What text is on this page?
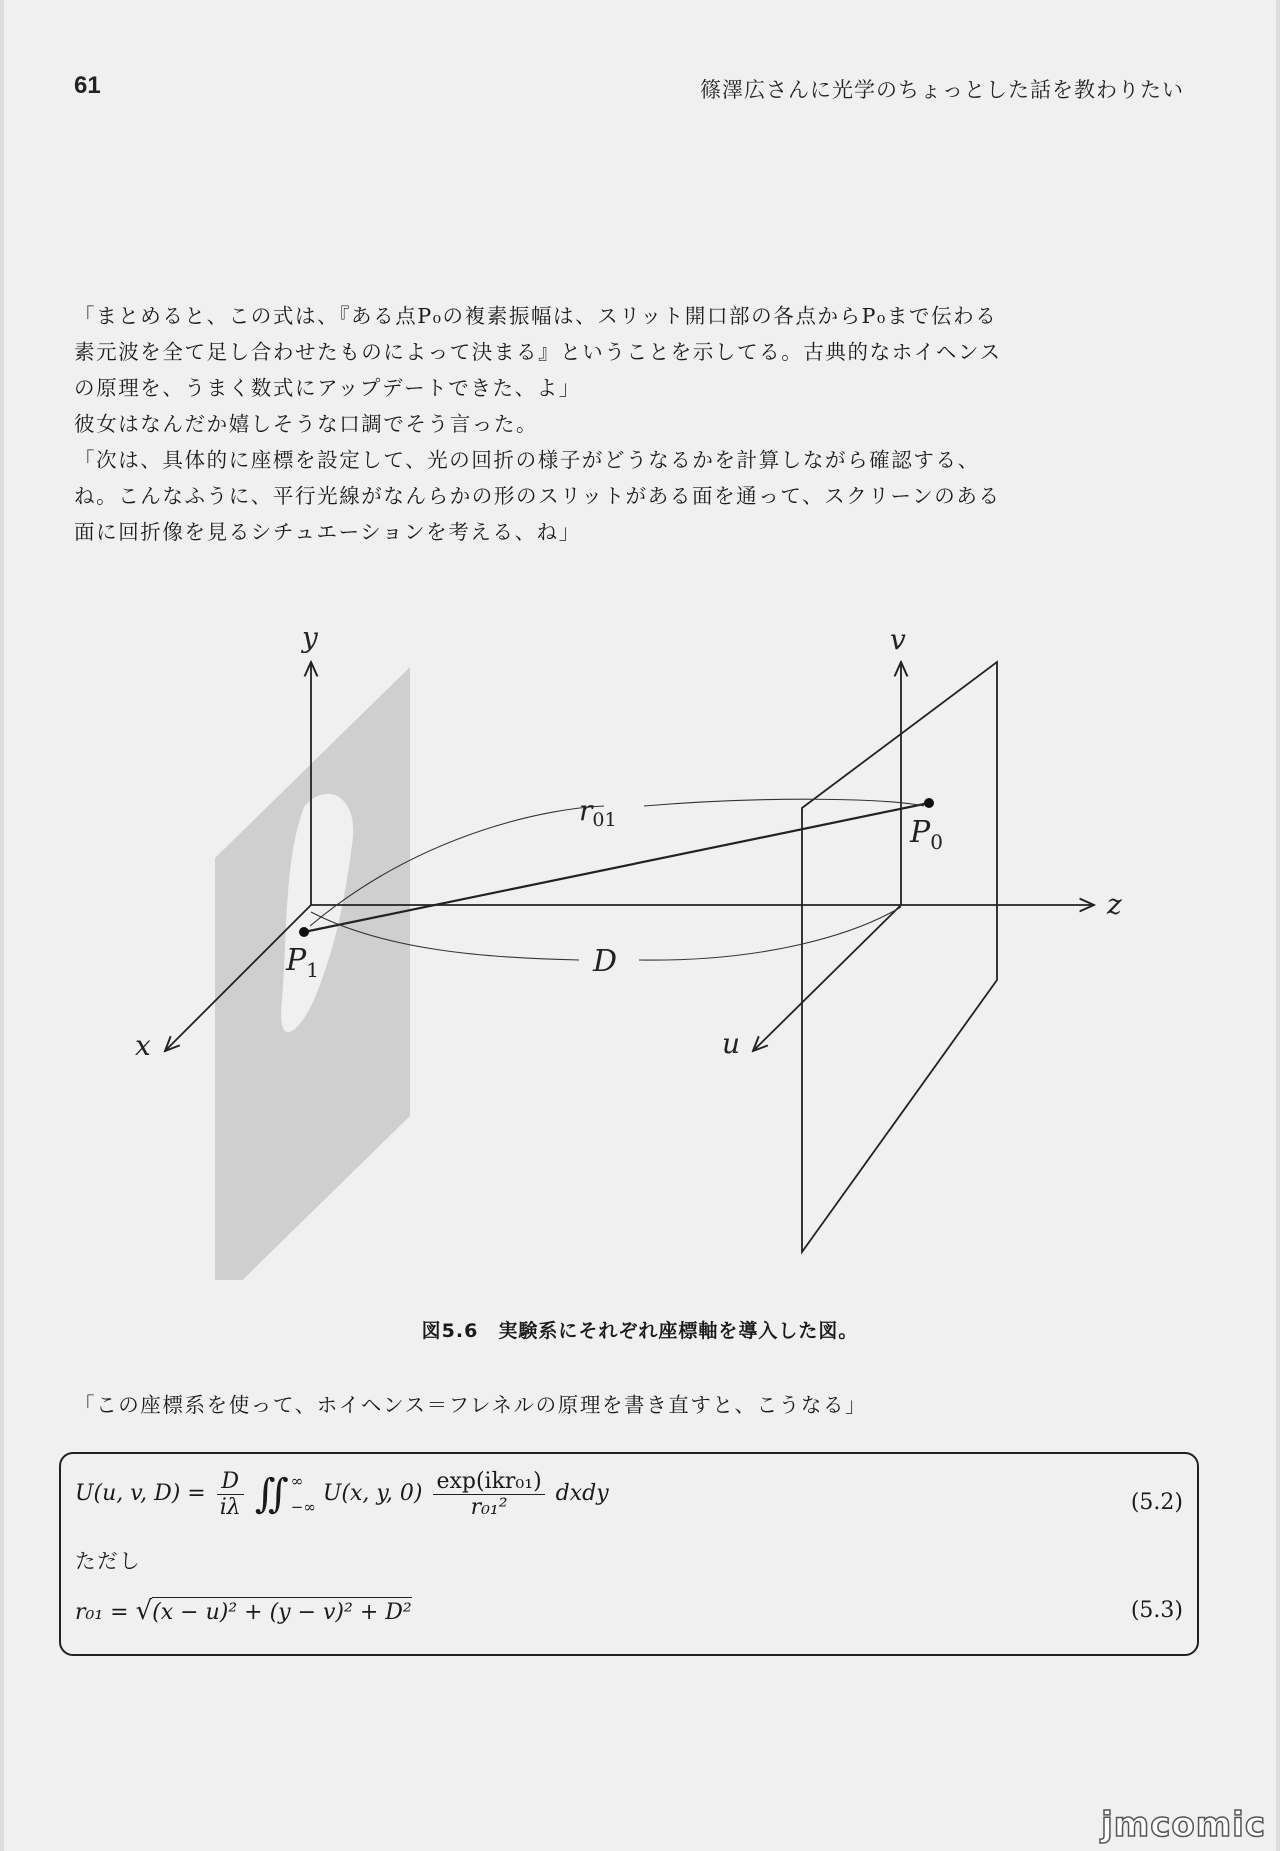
61	篠澤広さんに光学のちょっとした話を教わりたい

「まとめると、この式は、『ある点P₀の複素振幅は、スリット開口部の各点からP₀まで伝わる素元波を全て足し合わせたものによって決まる』ということを示してる。古典的なホイヘンスの原理を、うまく数式にアップデートできた、よ」

彼女はなんだか嬉しそうな口調でそう言った。

「次は、具体的に座標を設定して、光の回折の様子がどうなるかを計算しながら確認する、ね。こんなふうに、平行光線がなんらかの形のスリットがある面を通って、スクリーンのある面に回折像を見るシチュエーションを考える、ね」

y	v
z
x	u
$r_{01}$
D
$P_1$
$P_0$
図5.6 実験系にそれぞれ座標軸を導入した図。
「この座標系を使って、ホイヘンス＝フレネルの原理を書き直すと、こうなる」
U(u, v, $D) = \frac{D}{i\lambda}$ ∬ ∞
−∞
U(x, y, $0) \frac{\text{exp(ikr₀₁)}}{\text{r₀₁²}}$ dxdy	(5.2)
ただし
r₀₁ = √(x − u)² + (y − v)² + D²	(5.3)
jmcomic
